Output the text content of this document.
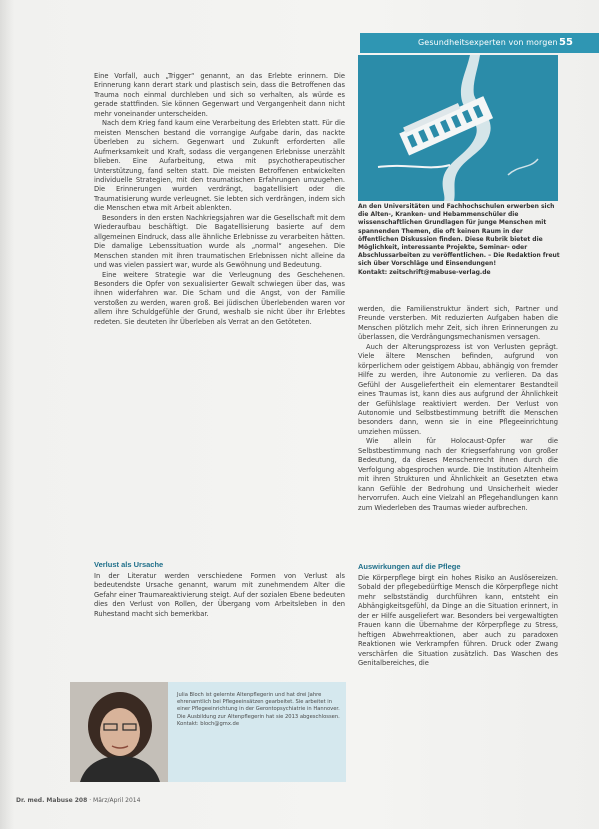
Gesundheitsexperten von morgen 55
An den Universitäten und Fachhochschulen erwerben sich die Alten-, Kranken- und Hebammenschüler die wissenschaftlichen Grundlagen für junge Menschen mit spannenden Themen, die oft keinen Raum in der öffentlichen Diskussion finden. Diese Rubrik bietet die Möglichkeit, interessante Projekte, Seminar- oder Abschlussarbeiten zu veröffentlichen. – Die Redaktion freut sich über Vorschläge und Einsendungen!
Kontakt: zeitschrift@mabuse-verlag.de

Eine Vorfall, auch „Trigger“ genannt, an das Erlebte erinnern. Die Erinnerung kann derart stark und plastisch sein, dass die Betroffenen das Trauma noch einmal durchleben und sich so verhalten, als würde es gerade stattfinden. Sie können Gegenwart und Vergangenheit dann nicht mehr voneinander unterscheiden.

Nach dem Krieg fand kaum eine Verarbeitung des Erlebten statt. Für die meisten Menschen bestand die vorrangige Aufgabe darin, das nackte Überleben zu sichern. Gegenwart und Zukunft erforderten alle Aufmerksamkeit und Kraft, sodass die vergangenen Erlebnisse unerzählt blieben. Eine Aufarbeitung, etwa mit psychotherapeutischer Unterstützung, fand selten statt. Die meisten Betroffenen entwickelten individuelle Strategien, mit den traumatischen Erfahrungen umzugehen. Die Erinnerungen wurden verdrängt, bagatellisiert oder die Traumatisierung wurde verleugnet. Sie lebten sich verdrängen, indem sich die Menschen etwa mit Arbeit ablenkten.

Besonders in den ersten Nachkriegsjahren war die Gesellschaft mit dem Wiederaufbau beschäftigt. Die Bagatellisierung basierte auf dem allgemeinen Eindruck, dass alle ähnliche Erlebnisse zu verarbeiten hätten. Die damalige Lebenssituation wurde als „normal“ angesehen. Die Menschen standen mit ihren traumatischen Erlebnissen nicht alleine da und was vielen passiert war, wurde als Gewöhnung und Bedeutung.

Eine weitere Strategie war die Verleugnung des Geschehenen. Besonders die Opfer von sexualisierter Gewalt schwiegen über das, was ihnen widerfahren war. Die Scham und die Angst, von der Familie verstoßen zu werden, waren groß. Bei jüdischen Überlebenden waren vor allem ihre Schuldgefühle der Grund, weshalb sie nicht über ihr Erlebtes redeten. Sie deuteten ihr Überleben als Verrat an den Getöteten.

Verlust als Ursache

In der Literatur werden verschiedene Formen von Verlust als bedeutendste Ursache genannt, warum mit zunehmendem Alter die Gefahr einer Traumareaktivierung steigt. Auf der sozialen Ebene bedeuten dies den Verlust von Rollen, der Übergang vom Arbeitsleben in den Ruhestand macht sich bemerkbar.

werden, die Familienstruktur ändert sich, Partner und Freunde versterben. Mit reduzierten Aufgaben haben die Menschen plötzlich mehr Zeit, sich ihren Erinnerungen zu überlassen, die Verdrängungsmechanismen versagen.

Auch der Alterungsprozess ist von Verlusten geprägt. Viele ältere Menschen befinden, aufgrund von körperlichem oder geistigem Abbau, abhängig von fremder Hilfe zu werden, ihre Autonomie zu verlieren. Da das Gefühl der Ausgeliefertheit ein elementarer Bestandteil eines Traumas ist, kann dies aus aufgrund der Ähnlichkeit der Gefühlslage reaktiviert werden. Der Verlust von Autonomie und Selbstbestimmung betrifft die Menschen besonders dann, wenn sie in eine Pflegeeinrichtung umziehen müssen.

Wie allein für Holocaust-Opfer war die Selbstbestimmung nach der Kriegserfahrung von großer Bedeutung, da dieses Menschenrecht ihnen durch die Verfolgung abgesprochen wurde. Die Institution Altenheim mit ihren Strukturen und Ähnlichkeit an Gesetzten etwa kann Gefühle der Bedrohung und Unsicherheit wieder hervorrufen. Auch eine Vielzahl an Pflegehandlungen kann zum Wiederleben des Traumas wieder aufbrechen.

Auswirkungen auf die Pflege

Die Körperpflege birgt ein hohes Risiko an Auslösereizen. Sobald der pflegebedürftige Mensch die Körperpflege nicht mehr selbstständig durchführen kann, entsteht ein Abhängigkeitsgefühl, da Dinge an die Situation erinnert, in der er Hilfe ausgeliefert war. Besonders bei vergewaltigten Frauen kann die Übernahme der Körperpflege zu Stress, heftigen Abwehrreaktionen, aber auch zu paradoxen Reaktionen wie Verkrampfen führen. Druck oder Zwang verschärfen die Situation zusätzlich. Das Waschen des Genitalbereiches, die

Julia Bloch ist gelernte Altenpflegerin und hat drei Jahre ehrenamtlich bei Pflegeeinsätzen gearbeitet. Sie arbeitet in einer Pflegeeinrichtung in der Gerontopsychiatrie in Hannover. Die Ausbildung zur Altenpflegerin hat sie 2013 abgeschlossen. Kontakt: bloch@gmx.de
Dr. med. Mabuse 208 · März/April 2014
